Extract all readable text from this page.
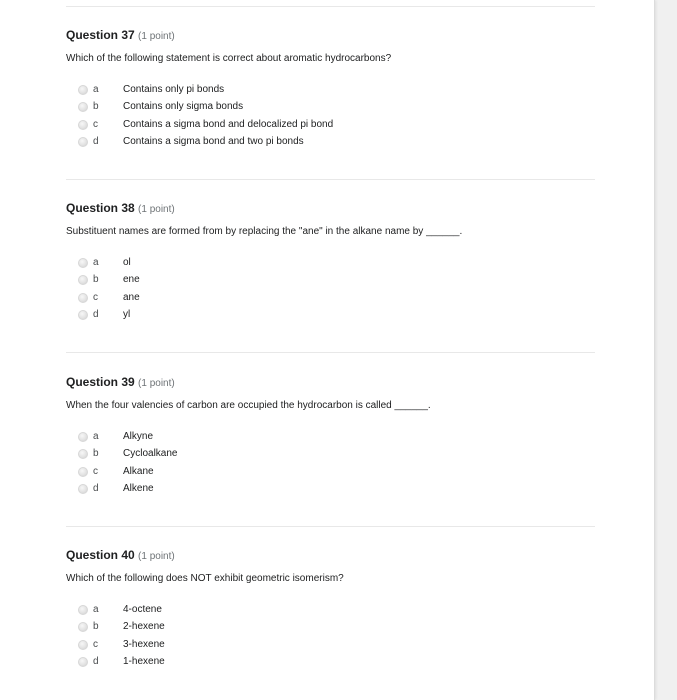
Question 37 (1 point)
Which of the following statement is correct about aromatic hydrocarbons?
a	Contains only pi bonds
b	Contains only sigma bonds
c	Contains a sigma bond and delocalized pi bond
d	Contains a sigma bond and two pi bonds
Question 38 (1 point)
Substituent names are formed from by replacing the "ane" in the alkane name by ______.
a	ol
b	ene
c	ane
d	yl
Question 39 (1 point)
When the four valencies of carbon are occupied the hydrocarbon is called ______.
a	Alkyne
b	Cycloalkane
c	Alkane
d	Alkene
Question 40 (1 point)
Which of the following does NOT exhibit geometric isomerism?
a	4-octene
b	2-hexene
c	3-hexene
d	1-hexene
